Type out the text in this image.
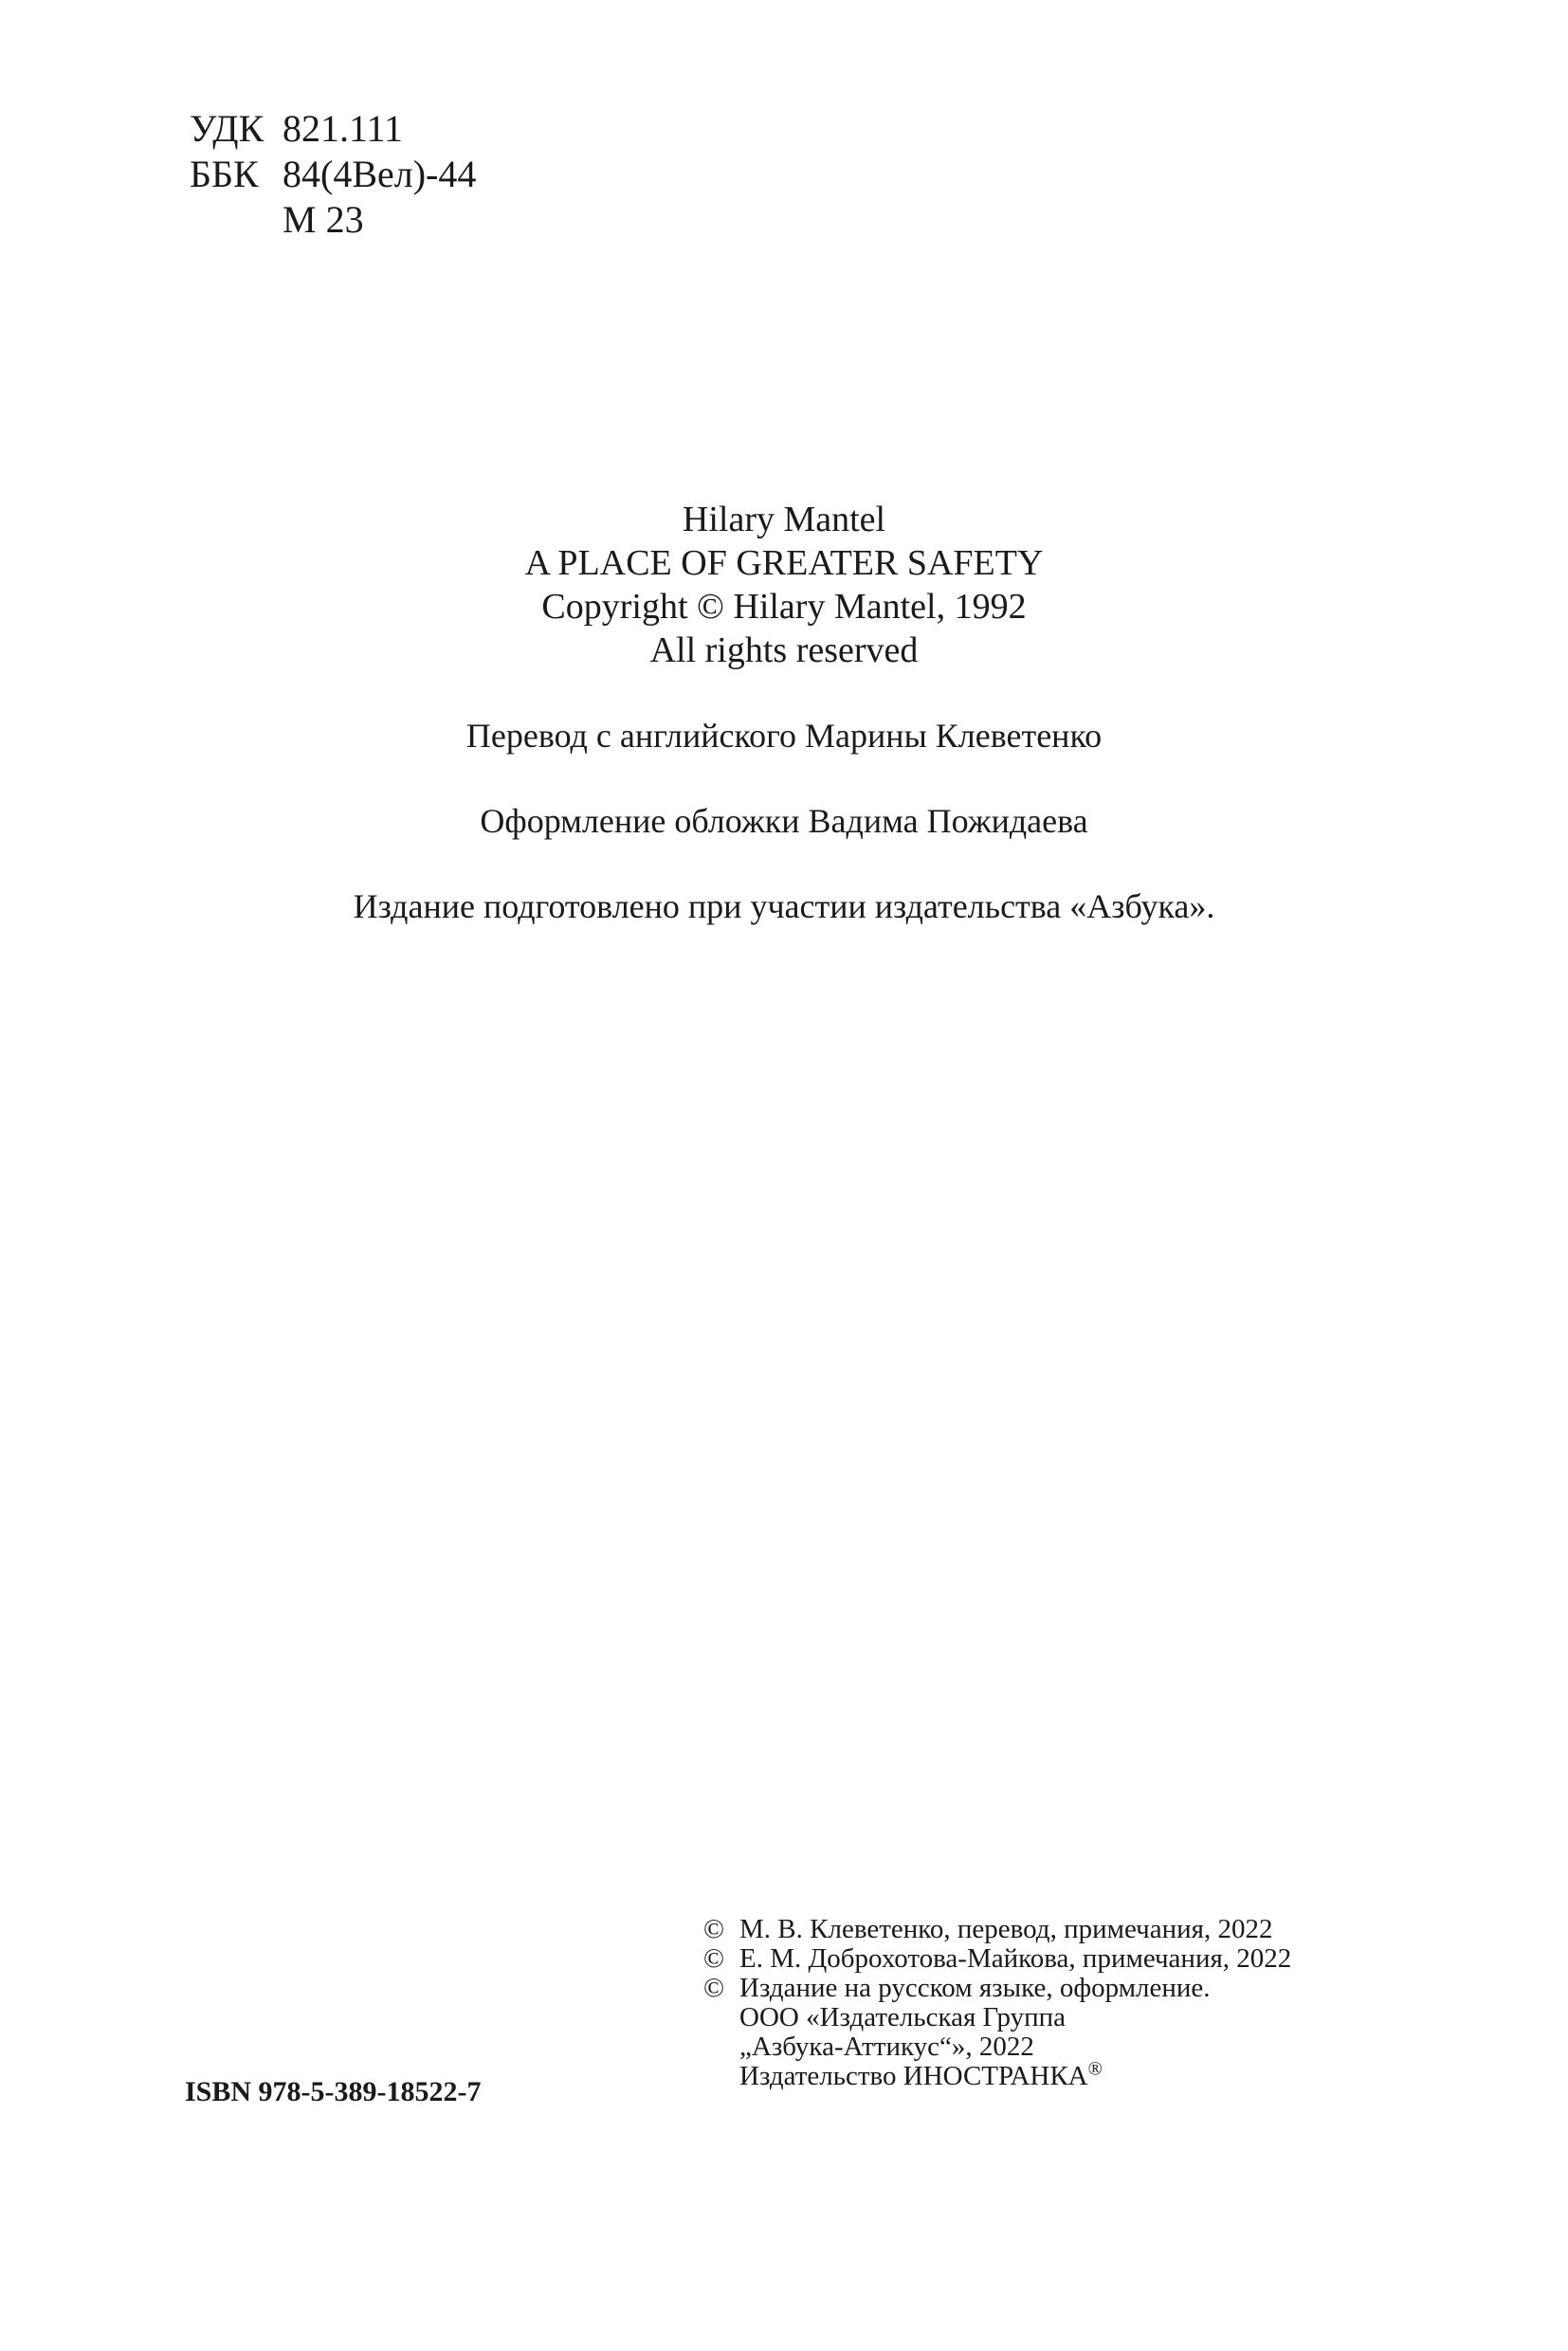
УДК 821.111
ББК 84(4Вел)-44
М 23
Hilary Mantel
A PLACE OF GREATER SAFETY
Copyright © Hilary Mantel, 1992
All rights reserved
Перевод с английского Марины Клеветенко
Оформление обложки Вадима Пожидаева
Издание подготовлено при участии издательства «Азбука».
ISBN 978-5-389-18522-7
© М. В. Клеветенко, перевод, примечания, 2022
© Е. М. Доброхотова-Майкова, примечания, 2022
© Издание на русском языке, оформление.
ООО «Издательская Группа
„Азбука-Аттикус“», 2022
Издательство ИНОСТРАНКА®
